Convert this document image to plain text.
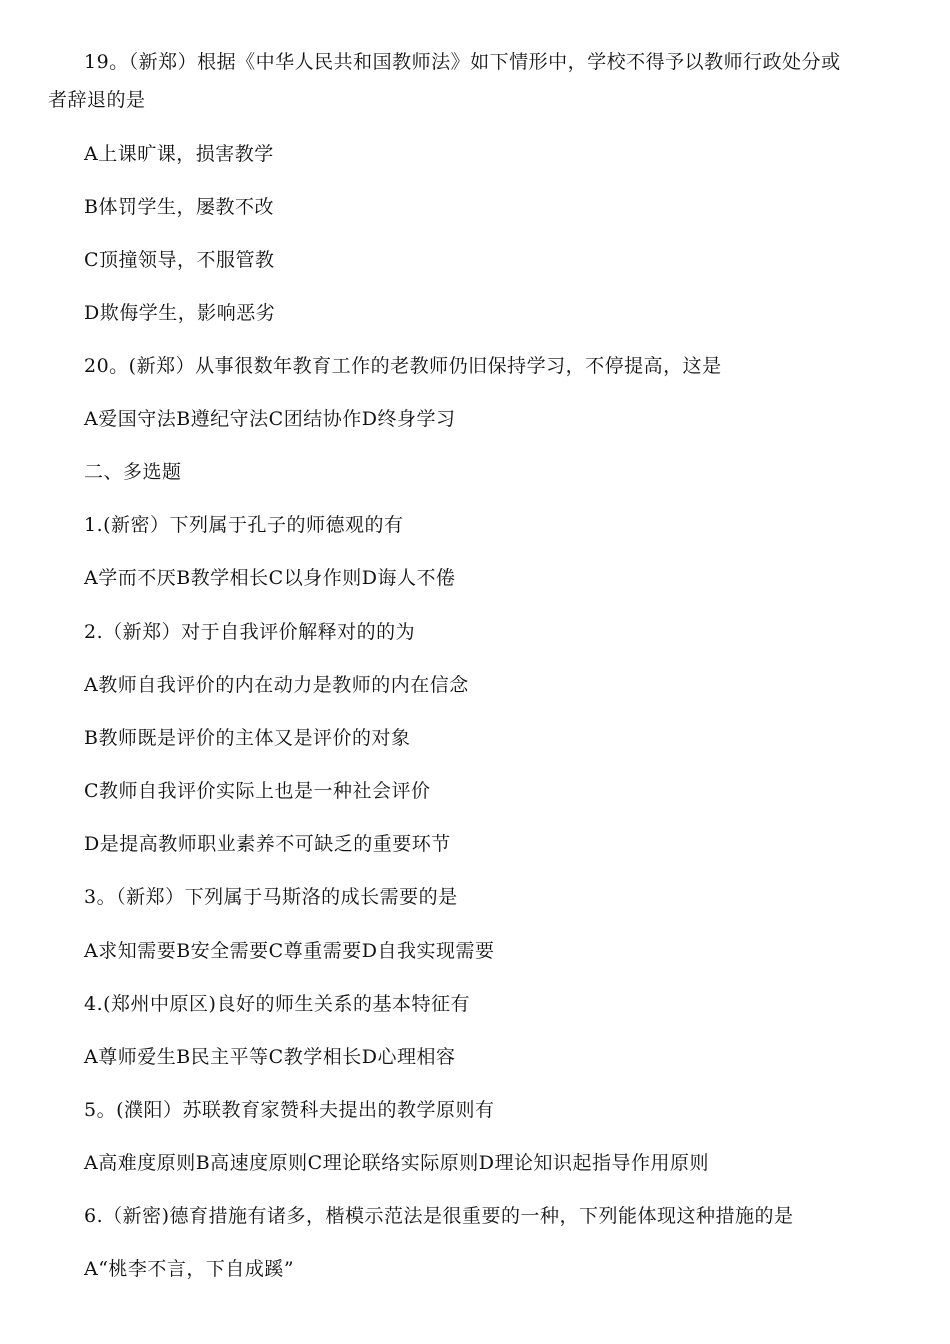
19。（新郑）根据《中华人民共和国教师法》如下情形中，学校不得予以教师行政处分或
者辞退的是
A上课旷课，损害教学
B体罚学生，屡教不改
C顶撞领导，不服管教
D欺侮学生，影响恶劣
20。(新郑）从事很数年教育工作的老教师仍旧保持学习，不停提高，这是
A爱国守法B遵纪守法C团结协作D终身学习
二、多选题
1.(新密）下列属于孔子的师德观的有
A学而不厌B教学相长C以身作则D诲人不倦
2.（新郑）对于自我评价解释对的的为
A教师自我评价的内在动力是教师的内在信念
B教师既是评价的主体又是评价的对象
C教师自我评价实际上也是一种社会评价
D是提高教师职业素养不可缺乏的重要环节
3。（新郑）下列属于马斯洛的成长需要的是
A求知需要B安全需要C尊重需要D自我实现需要
4.(郑州中原区)良好的师生关系的基本特征有
A尊师爱生B民主平等C教学相长D心理相容
5。(濮阳）苏联教育家赞科夫提出的教学原则有
A高难度原则B高速度原则C理论联络实际原则D理论知识起指导作用原则
6.（新密)德育措施有诸多，楷模示范法是很重要的一种，下列能体现这种措施的是
A“桃李不言，下自成蹊”
